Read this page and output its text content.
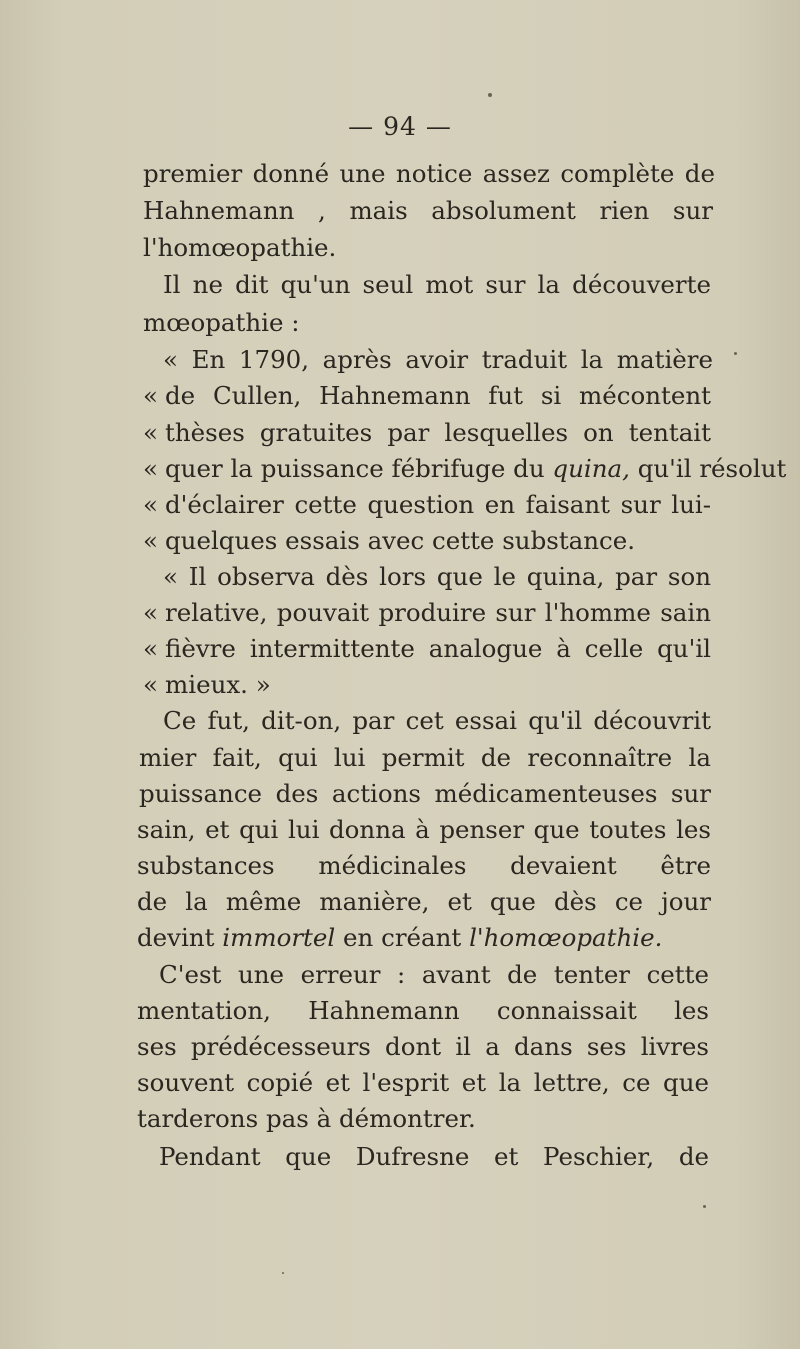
— 94 —
premier donné une notice assez complète de
Hahnemann , mais absolument rien sur
l'homœopathie.
Il ne dit qu'un seul mot sur la découverte
mœopathie :
« En 1790, après avoir traduit la matière
« de Cullen, Hahnemann fut si mécontent
« thèses gratuites par lesquelles on tentait
« quer la puissance fébrifuge du quina, qu'il résolut
« d'éclairer cette question en faisant sur lui-
« quelques essais avec cette substance.
« Il observa dès lors que le quina, par son
« relative, pouvait produire sur l'homme sain
« fièvre intermittente analogue à celle qu'il
« mieux. »
Ce fut, dit-on, par cet essai qu'il découvrit
mier fait, qui lui permit de reconnaître la
puissance des actions médicamenteuses sur
sain, et qui lui donna à penser que toutes les
substances médicinales devaient être
de la même manière, et que dès ce jour
devint immortel en créant l'homœopathie.
C'est une erreur : avant de tenter cette
mentation, Hahnemann connaissait les
ses prédécesseurs dont il a dans ses livres
souvent copié et l'esprit et la lettre, ce que
tarderons pas à démontrer.
Pendant que Dufresne et Peschier, de
